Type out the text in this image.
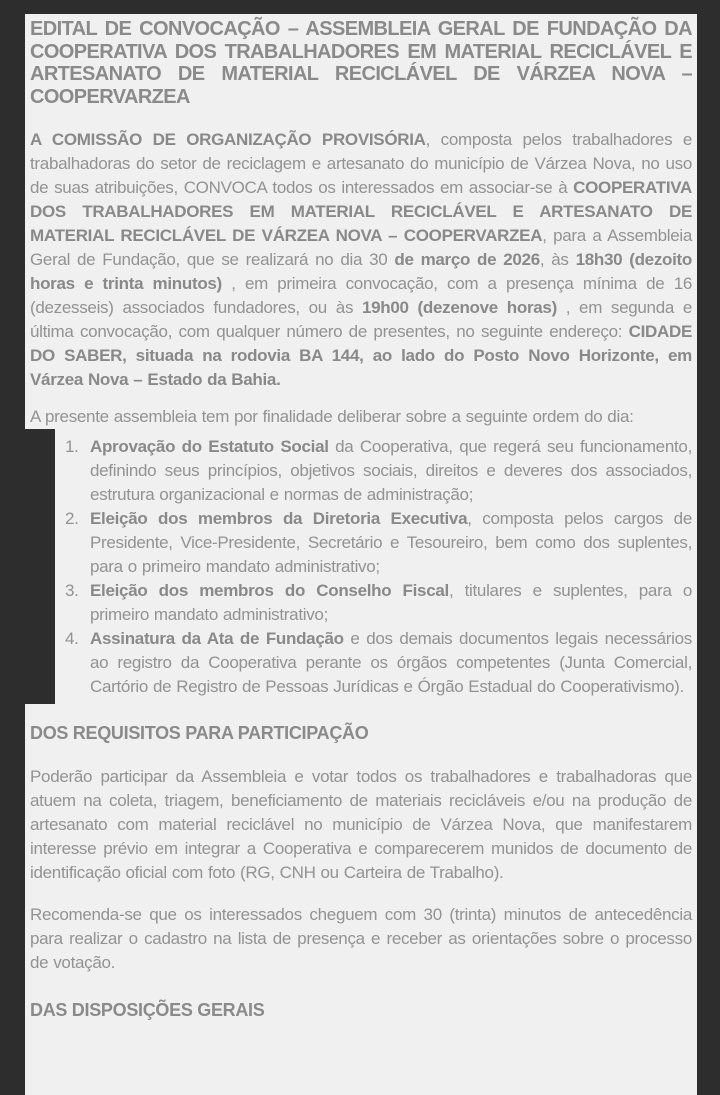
EDITAL DE CONVOCAÇÃO – ASSEMBLEIA GERAL DE FUNDAÇÃO DA COOPERATIVA DOS TRABALHADORES EM MATERIAL RECICLÁVEL E ARTESANATO DE MATERIAL RECICLÁVEL DE VÁRZEA NOVA – COOPERVARZEA

A COMISSÃO DE ORGANIZAÇÃO PROVISÓRIA, composta pelos trabalhadores e trabalhadoras do setor de reciclagem e artesanato do município de Várzea Nova, no uso de suas atribuições, CONVOCA todos os interessados em associar-se à COOPERATIVA DOS TRABALHADORES EM MATERIAL RECICLÁVEL E ARTESANATO DE MATERIAL RECICLÁVEL DE VÁRZEA NOVA – COOPERVARZEA, para a Assembleia Geral de Fundação, que se realizará no dia 30 de março de 2026, às 18h30 (dezoito horas e trinta minutos) , em primeira convocação, com a presença mínima de 16 (dezesseis) associados fundadores, ou às 19h00 (dezenove horas) , em segunda e última convocação, com qualquer número de presentes, no seguinte endereço: CIDADE DO SABER, situada na rodovia BA 144, ao lado do Posto Novo Horizonte, em Várzea Nova – Estado da Bahia.

A presente assembleia tem por finalidade deliberar sobre a seguinte ordem do dia:

1. Aprovação do Estatuto Social da Cooperativa, que regerá seu funcionamento, definindo seus princípios, objetivos sociais, direitos e deveres dos associados, estrutura organizacional e normas de administração;
2. Eleição dos membros da Diretoria Executiva, composta pelos cargos de Presidente, Vice-Presidente, Secretário e Tesoureiro, bem como dos suplentes, para o primeiro mandato administrativo;
3. Eleição dos membros do Conselho Fiscal, titulares e suplentes, para o primeiro mandato administrativo;
4. Assinatura da Ata de Fundação e dos demais documentos legais necessários ao registro da Cooperativa perante os órgãos competentes (Junta Comercial, Cartório de Registro de Pessoas Jurídicas e Órgão Estadual do Cooperativismo).
DOS REQUISITOS PARA PARTICIPAÇÃO

Poderão participar da Assembleia e votar todos os trabalhadores e trabalhadoras que atuem na coleta, triagem, beneficiamento de materiais recicláveis e/ou na produção de artesanato com material reciclável no município de Várzea Nova, que manifestarem interesse prévio em integrar a Cooperativa e comparecerem munidos de documento de identificação oficial com foto (RG, CNH ou Carteira de Trabalho).

Recomenda-se que os interessados cheguem com 30 (trinta) minutos de antecedência para realizar o cadastro na lista de presença e receber as orientações sobre o processo de votação.

DAS DISPOSIÇÕES GERAIS
